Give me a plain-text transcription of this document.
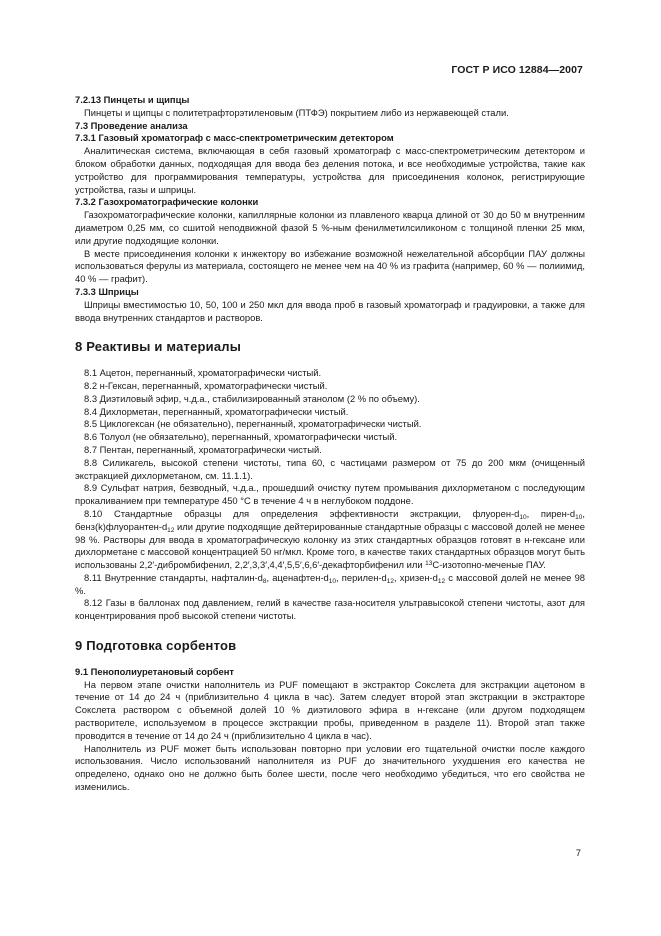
ГОСТ Р ИСО 12884—2007

7.2.13 Пинцеты и щипцы

Пинцеты и щипцы с политетрафторэтиленовым (ПТФЭ) покрытием либо из нержавеющей стали.

7.3 Проведение анализа

7.3.1 Газовый хроматограф с масс-спектрометрическим детектором

Аналитическая система, включающая в себя газовый хроматограф с масс-спектрометрическим детектором и блоком обработки данных, подходящая для ввода без деления потока, и все необходимые устройства, такие как устройство для программирования температуры, устройства для присоединения колонок, регистрирующие устройства, газы и шприцы.

7.3.2 Газохроматографические колонки

Газохроматографические колонки, капиллярные колонки из плавленого кварца длиной от 30 до 50 м внутренним диаметром 0,25 мм, со сшитой неподвижной фазой 5 %-ным фенилметилсиликоном с толщиной пленки 25 мкм, или другие подходящие колонки.

В месте присоединения колонки к инжектору во избежание возможной нежелательной абсорбции ПАУ должны использоваться ферулы из материала, состоящего не менее чем на 40 % из графита (например, 60 % — полиимид, 40 % — графит).

7.3.3 Шприцы

Шприцы вместимостью 10, 50, 100 и 250 мкл для ввода проб в газовый хроматограф и градуировки, а также для ввода внутренних стандартов и растворов.

8 Реактивы и материалы

8.1 Ацетон, перегнанный, хроматографически чистый.

8.2 н-Гексан, перегнанный, хроматографически чистый.

8.3 Диэтиловый эфир, ч.д.а., стабилизированный этанолом (2 % по объему).

8.4 Дихлорметан, перегнанный, хроматографически чистый.

8.5 Циклогексан (не обязательно), перегнанный, хроматографически чистый.

8.6 Толуол (не обязательно), перегнанный, хроматографически чистый.

8.7 Пентан, перегнанный, хроматографически чистый.

8.8 Силикагель, высокой степени чистоты, типа 60, с частицами размером от 75 до 200 мкм (очищенный экстракцией дихлорметаном, см. 11.1.1).

8.9 Сульфат натрия, безводный, ч.д.а., прошедший очистку путем промывания дихлорметаном с последующим прокаливанием при температуре 450 °С в течение 4 ч в неглубоком поддоне.

8.10 Стандартные образцы для определения эффективности экстракции, флуорен-$d_{10}$, пирен-$d_{10}$, $бенз(k)флуорантен-d_{12}$ или другие подходящие дейтерированные стандартные образцы с массовой долей не менее 98 %. Растворы для ввода в хроматографическую колонку из этих стандартных образцов готовят в н-гексане или дихлорметане с массовой концентрацией 50 нг/мкл. Кроме того, в качестве таких стандартных образцов могут быть использованы 2,2′-дибромбифенил, 2,2′,3,3′,4,4′,5,5′,6,6′-декафторбифенил или $^{13}$С-изотопно-меченые ПАУ.

8.11 Внутренние стандарты, нафталин-$d_8$, аценафтен-$d_{10}$, перилен-$d_{12}$, хризен-$d_{12}$ с массовой долей не менее 98 %.

8.12 Газы в баллонах под давлением, гелий в качестве газа-носителя ультравысокой степени чистоты, азот для концентрирования проб высокой степени чистоты.

9 Подготовка сорбентов

9.1 Пенополиуретановый сорбент

На первом этапе очистки наполнитель из PUF помещают в экстрактор Сокслета для экстракции ацетоном в течение от 14 до 24 ч (приблизительно 4 цикла в час). Затем следует второй этап экстракции в экстракторе Сокслета раствором с объемной долей 10 % диэтилового эфира в н-гексане (или другом подходящем растворителе, используемом в процессе экстракции пробы, приведенном в разделе 11). Второй этап также проводится в течение от 14 до 24 ч (приблизительно 4 цикла в час).

Наполнитель из PUF может быть использован повторно при условии его тщательной очистки после каждого использования. Число использований наполнителя из PUF до значительного ухудшения его качества не определено, однако оно не должно быть более шести, после чего необходимо убедиться, что его свойства не изменились.

7
